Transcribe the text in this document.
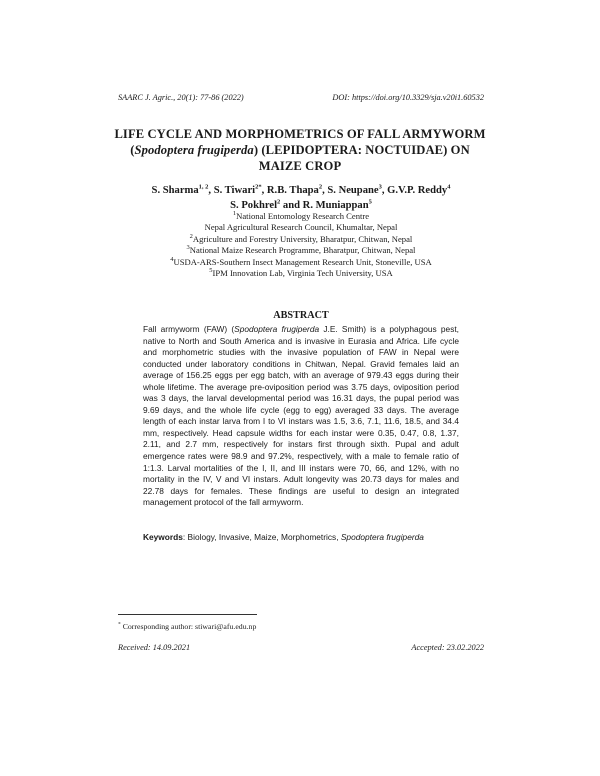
SAARC J. Agric., 20(1): 77-86 (2022)	DOI: https://doi.org/10.3329/sja.v20i1.60532
LIFE CYCLE AND MORPHOMETRICS OF FALL ARMYWORM (Spodoptera frugiperda) (LEPIDOPTERA: NOCTUIDAE) ON MAIZE CROP
S. Sharma$^{1, 2}$, S. Tiwari$^{2*}$, R.B. Thapa$^2$, S. Neupane$^3$, G.V.P. Reddy$^4$
S. Pokhrel$^2$ and R. Muniappan$^5$
$^1$National Entomology Research Centre
Nepal Agricultural Research Council, Khumaltar, Nepal
$^2$Agriculture and Forestry University, Bharatpur, Chitwan, Nepal
$^3$National Maize Research Programme, Bharatpur, Chitwan, Nepal
$^4$USDA-ARS-Southern Insect Management Research Unit, Stoneville, USA
$^5$IPM Innovation Lab, Virginia Tech University, USA
ABSTRACT
Fall armyworm (FAW) (Spodoptera frugiperda J.E. Smith) is a polyphagous pest, native to North and South America and is invasive in Eurasia and Africa. Life cycle and morphometric studies with the invasive population of FAW in Nepal were conducted under laboratory conditions in Chitwan, Nepal. Gravid females laid an average of 156.25 eggs per egg batch, with an average of 979.43 eggs during their whole lifetime. The average pre-oviposition period was 3.75 days, oviposition period was 3 days, the larval developmental period was 16.31 days, the pupal period was 9.69 days, and the whole life cycle (egg to egg) averaged 33 days. The average length of each instar larva from I to VI instars was 1.5, 3.6, 7.1, 11.6, 18.5, and 34.4 mm, respectively. Head capsule widths for each instar were 0.35, 0.47, 0.8, 1.37, 2.11, and 2.7 mm, respectively for instars first through sixth. Pupal and adult emergence rates were 98.9 and 97.2%, respectively, with a male to female ratio of 1:1.3. Larval mortalities of the I, II, and III instars were 70, 66, and 12%, with no mortality in the IV, V and VI instars. Adult longevity was 20.73 days for males and 22.78 days for females. These findings are useful to design an integrated management protocol of the fall armyworm.
Keywords: Biology, Invasive, Maize, Morphometrics, Spodoptera frugiperda
* Corresponding author: stiwari@afu.edu.np
Received: 14.09.2021	Accepted: 23.02.2022
